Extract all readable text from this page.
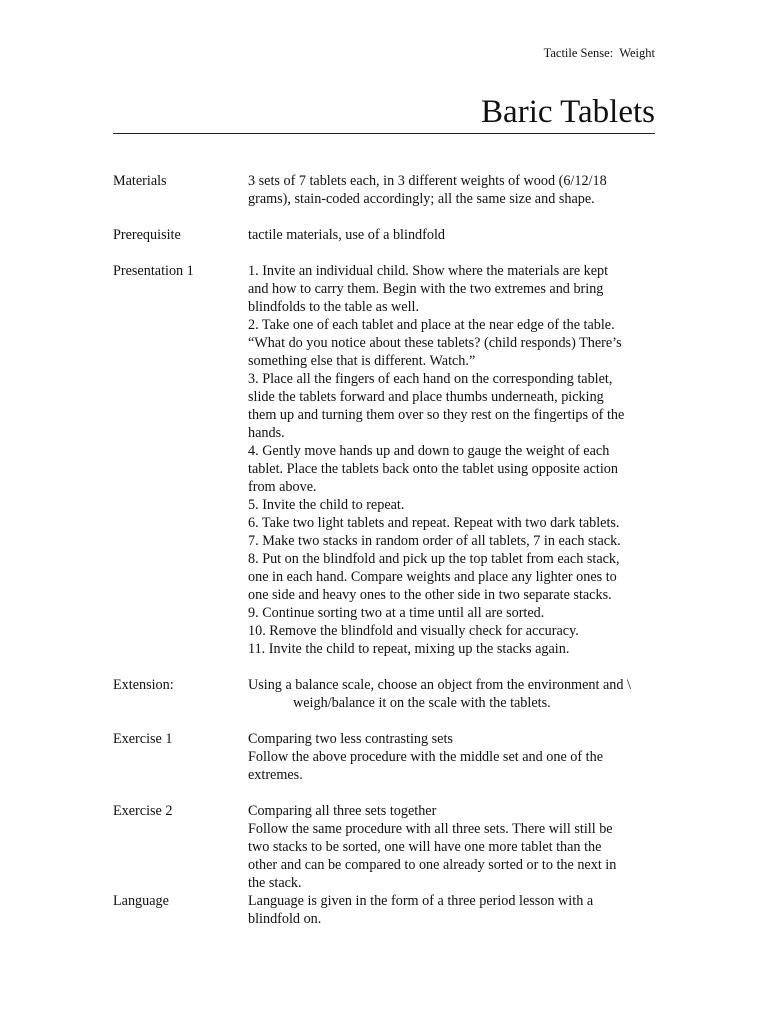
Tactile Sense:  Weight
Baric Tablets
Materials	3 sets of 7 tablets each, in 3 different weights of wood (6/12/18

grams), stain-coded accordingly; all the same size and shape.

Prerequisite	tactile materials, use of a blindfold

Presentation 1	1. Invite an individual child. Show where the materials are kept

and how to carry them. Begin with the two extremes and bring

blindfolds to the table as well.

2. Take one of each tablet and place at the near edge of the table.

“What do you notice about these tablets? (child responds) There’s

something else that is different. Watch.”

3. Place all the fingers of each hand on the corresponding tablet,

slide the tablets forward and place thumbs underneath, picking

them up and turning them over so they rest on the fingertips of the

hands.

4. Gently move hands up and down to gauge the weight of each

tablet. Place the tablets back onto the tablet using opposite action

from above.

5. Invite the child to repeat.

6. Take two light tablets and repeat. Repeat with two dark tablets.

7. Make two stacks in random order of all tablets, 7 in each stack.

8. Put on the blindfold and pick up the top tablet from each stack,

one in each hand. Compare weights and place any lighter ones to

one side and heavy ones to the other side in two separate stacks.

9. Continue sorting two at a time until all are sorted.

10. Remove the blindfold and visually check for accuracy.

11. Invite the child to repeat, mixing up the stacks again.

Extension:	Using a balance scale, choose an object from the environment and \

weigh/balance it on the scale with the tablets.

Exercise 1	Comparing two less contrasting sets

Follow the above procedure with the middle set and one of the

extremes.

Exercise 2	Comparing all three sets together

Follow the same procedure with all three sets. There will still be

two stacks to be sorted, one will have one more tablet than the

other and can be compared to one already sorted or to the next in

the stack.

Language	Language is given in the form of a three period lesson with a

blindfold on.
